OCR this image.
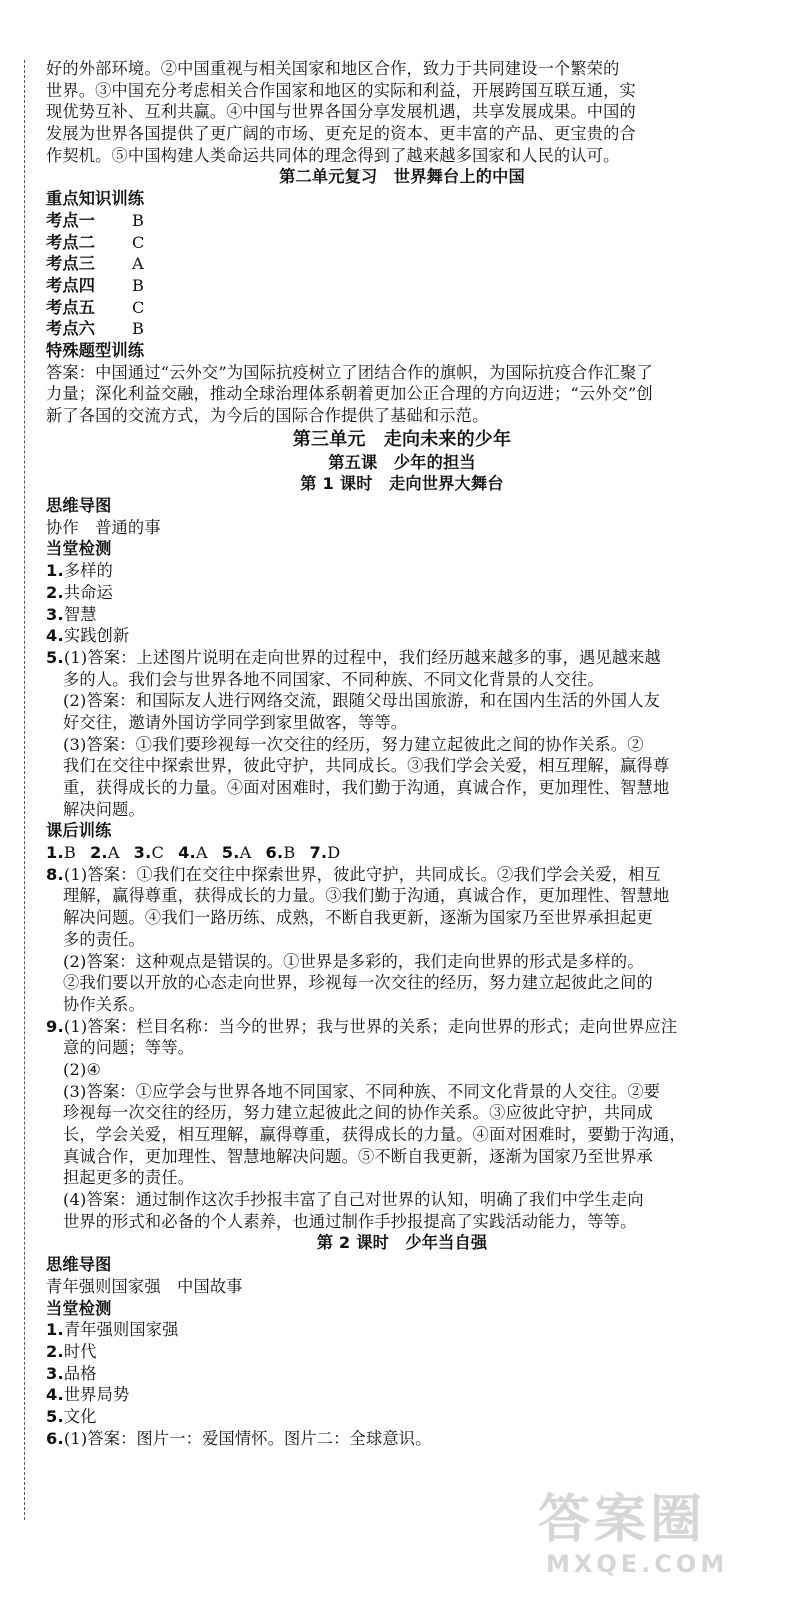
好的外部环境。②中国重视与相关国家和地区合作，致力于共同建设一个繁荣的
世界。③中国充分考虑相关合作国家和地区的实际和利益，开展跨国互联互通，实
现优势互补、互利共赢。④中国与世界各国分享发展机遇，共享发展成果。中国的
发展为世界各国提供了更广阔的市场、更充足的资本、更丰富的产品、更宝贵的合
作契机。⑤中国构建人类命运共同体的理念得到了越来越多国家和人民的认可。
第二单元复习　世界舞台上的中国
重点知识训练
考点一 B
考点二 C
考点三 A
考点四 B
考点五 C
考点六 B
特殊题型训练
答案：中国通过“云外交”为国际抗疫树立了团结合作的旗帜，为国际抗疫合作汇聚了
力量；深化利益交融，推动全球治理体系朝着更加公正合理的方向迈进；“云外交”创
新了各国的交流方式，为今后的国际合作提供了基础和示范。
第三单元　走向未来的少年
第五课　少年的担当
第 1 课时　走向世界大舞台
思维导图
协作　普通的事
当堂检测
1.多样的
2.共命运
3.智慧
4.实践创新
5.(1)答案：上述图片说明在走向世界的过程中，我们经历越来越多的事，遇见越来越
多的人。我们会与世界各地不同国家、不同种族、不同文化背景的人交往。
(2)答案：和国际友人进行网络交流，跟随父母出国旅游，和在国内生活的外国人友
好交往，邀请外国访学同学到家里做客，等等。
(3)答案：①我们要珍视每一次交往的经历，努力建立起彼此之间的协作关系。②
我们在交往中探索世界，彼此守护，共同成长。③我们学会关爱，相互理解，赢得尊
重，获得成长的力量。④面对困难时，我们勤于沟通，真诚合作，更加理性、智慧地
解决问题。
课后训练
1.B 2.A 3.C 4.A 5.A 6.B 7.D
8.(1)答案：①我们在交往中探索世界，彼此守护，共同成长。②我们学会关爱，相互
理解，赢得尊重，获得成长的力量。③我们勤于沟通，真诚合作，更加理性、智慧地
解决问题。④我们一路历练、成熟，不断自我更新，逐渐为国家乃至世界承担起更
多的责任。
(2)答案：这种观点是错误的。①世界是多彩的，我们走向世界的形式是多样的。
②我们要以开放的心态走向世界，珍视每一次交往的经历，努力建立起彼此之间的
协作关系。
9.(1)答案：栏目名称：当今的世界；我与世界的关系；走向世界的形式；走向世界应注
意的问题；等等。
(2)④
(3)答案：①应学会与世界各地不同国家、不同种族、不同文化背景的人交往。②要
珍视每一次交往的经历，努力建立起彼此之间的协作关系。③应彼此守护，共同成
长，学会关爱，相互理解，赢得尊重，获得成长的力量。④面对困难时，要勤于沟通，
真诚合作，更加理性、智慧地解决问题。⑤不断自我更新，逐渐为国家乃至世界承
担起更多的责任。
(4)答案：通过制作这次手抄报丰富了自己对世界的认知，明确了我们中学生走向
世界的形式和必备的个人素养，也通过制作手抄报提高了实践活动能力，等等。
第 2 课时　少年当自强
思维导图
青年强则国家强　中国故事
当堂检测
1.青年强则国家强
2.时代
3.品格
4.世界局势
5.文化
6.(1)答案：图片一：爱国情怀。图片二：全球意识。
答案圈
MXQE.COM
